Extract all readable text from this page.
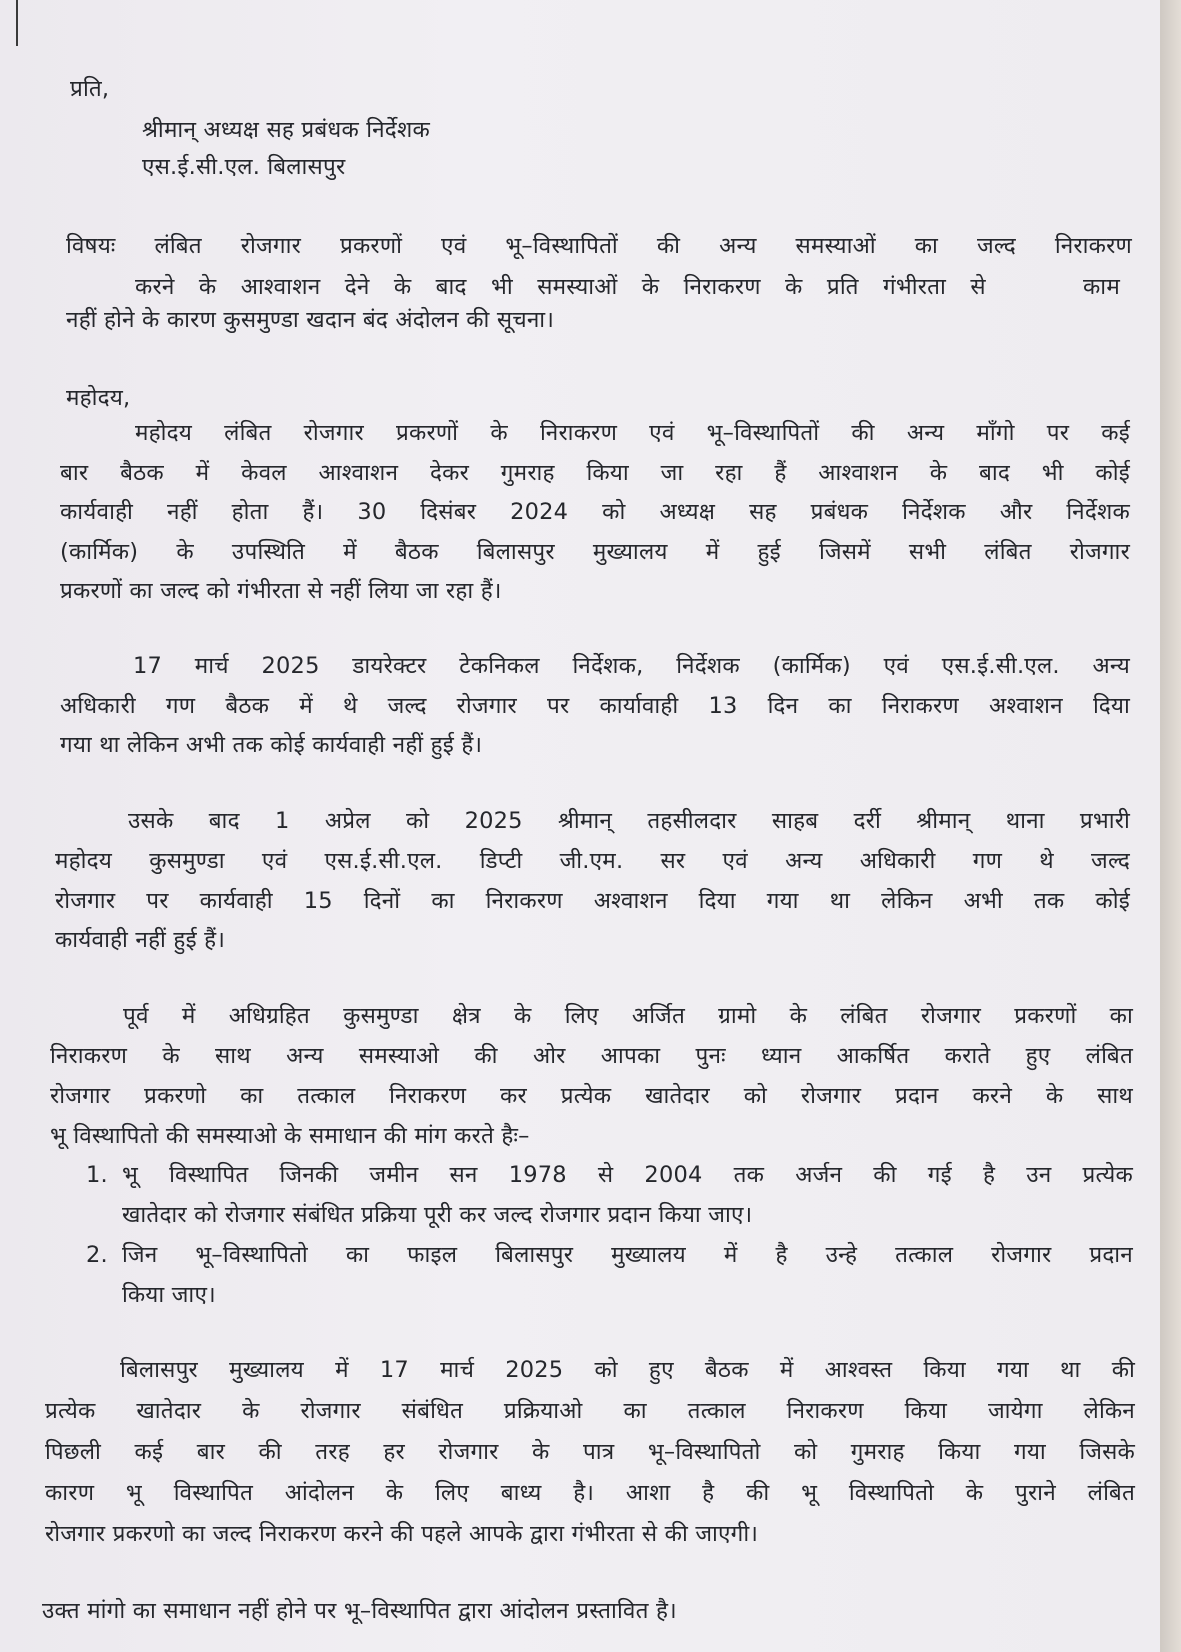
प्रति,

श्रीमान् अध्यक्ष सह प्रबंधक निर्देशक

एस.ई.सी.एल. बिलासपुर

विषयः लंबित रोजगार प्रकरणों एवं भू–विस्थापितों की अन्य समस्याओं का जल्द निराकरण

करने के आश्वाशन देने के बाद भी समस्याओं के निराकरण के प्रति गंभीरता से    काम

नहीं होने के कारण कुसमुण्डा खदान बंद अंदोलन की सूचना।

महोदय,

महोदय लंबित रोजगार प्रकरणों के निराकरण एवं भू–विस्थापितों की अन्य माँगो पर कई

बार बैठक में केवल आश्वाशन देकर गुमराह किया जा रहा हैं आश्वाशन के बाद भी कोई

कार्यवाही नहीं होता हैं। 30 दिसंबर 2024 को अध्यक्ष सह प्रबंधक निर्देशक और निर्देशक

(कार्मिक) के उपस्थिति में बैठक बिलासपुर मुख्यालय में हुई जिसमें सभी लंबित रोजगार

प्रकरणों का जल्द को गंभीरता से नहीं लिया जा रहा हैं।

17 मार्च 2025 डायरेक्टर टेकनिकल निर्देशक, निर्देशक (कार्मिक) एवं एस.ई.सी.एल. अन्य

अधिकारी गण बैठक में थे जल्द रोजगार पर कार्यावाही 13 दिन का निराकरण अश्वाशन दिया

गया था लेकिन अभी तक कोई कार्यवाही नहीं हुई हैं।

उसके बाद 1 अप्रेल को 2025 श्रीमान् तहसीलदार साहब दर्री श्रीमान् थाना प्रभारी

महोदय कुसमुण्डा एवं एस.ई.सी.एल. डिप्टी जी.एम. सर एवं अन्य अधिकारी गण थे जल्द

रोजगार पर कार्यवाही 15 दिनों का निराकरण अश्वाशन दिया गया था लेकिन अभी तक कोई

कार्यवाही नहीं हुई हैं।

पूर्व में अधिग्रहित कुसमुण्डा क्षेत्र के लिए अर्जित ग्रामो के लंबित रोजगार प्रकरणों का

निराकरण के साथ अन्य समस्याओ की ओर आपका पुनः ध्यान आकर्षित कराते हुए लंबित

रोजगार प्रकरणो का तत्काल निराकरण कर प्रत्येक खातेदार को रोजगार प्रदान करने के साथ

भू विस्थापितो की समस्याओ के समाधान की मांग करते हैः–

1. भू विस्थापित जिनकी जमीन सन 1978 से 2004 तक अर्जन की गई है उन प्रत्येक

खातेदार को रोजगार संबंधित प्रक्रिया पूरी कर जल्द रोजगार प्रदान किया जाए।

2. जिन भू–विस्थापितो का फाइल बिलासपुर मुख्यालय में है उन्हे तत्काल रोजगार प्रदान

किया जाए।

बिलासपुर मुख्यालय में 17 मार्च 2025 को हुए बैठक में आश्वस्त किया गया था की

प्रत्येक खातेदार के रोजगार संबंधित प्रक्रियाओ का तत्काल निराकरण किया जायेगा लेकिन

पिछली कई बार की तरह हर रोजगार के पात्र भू–विस्थापितो को गुमराह किया गया जिसके

कारण भू विस्थापित आंदोलन के लिए बाध्य है। आशा है की भू विस्थापितो के पुराने लंबित

रोजगार प्रकरणो का जल्द निराकरण करने की पहले आपके द्वारा गंभीरता से की जाएगी।

उक्त मांगो का समाधान नहीं होने पर भू–विस्थापित द्वारा आंदोलन प्रस्तावित है।
